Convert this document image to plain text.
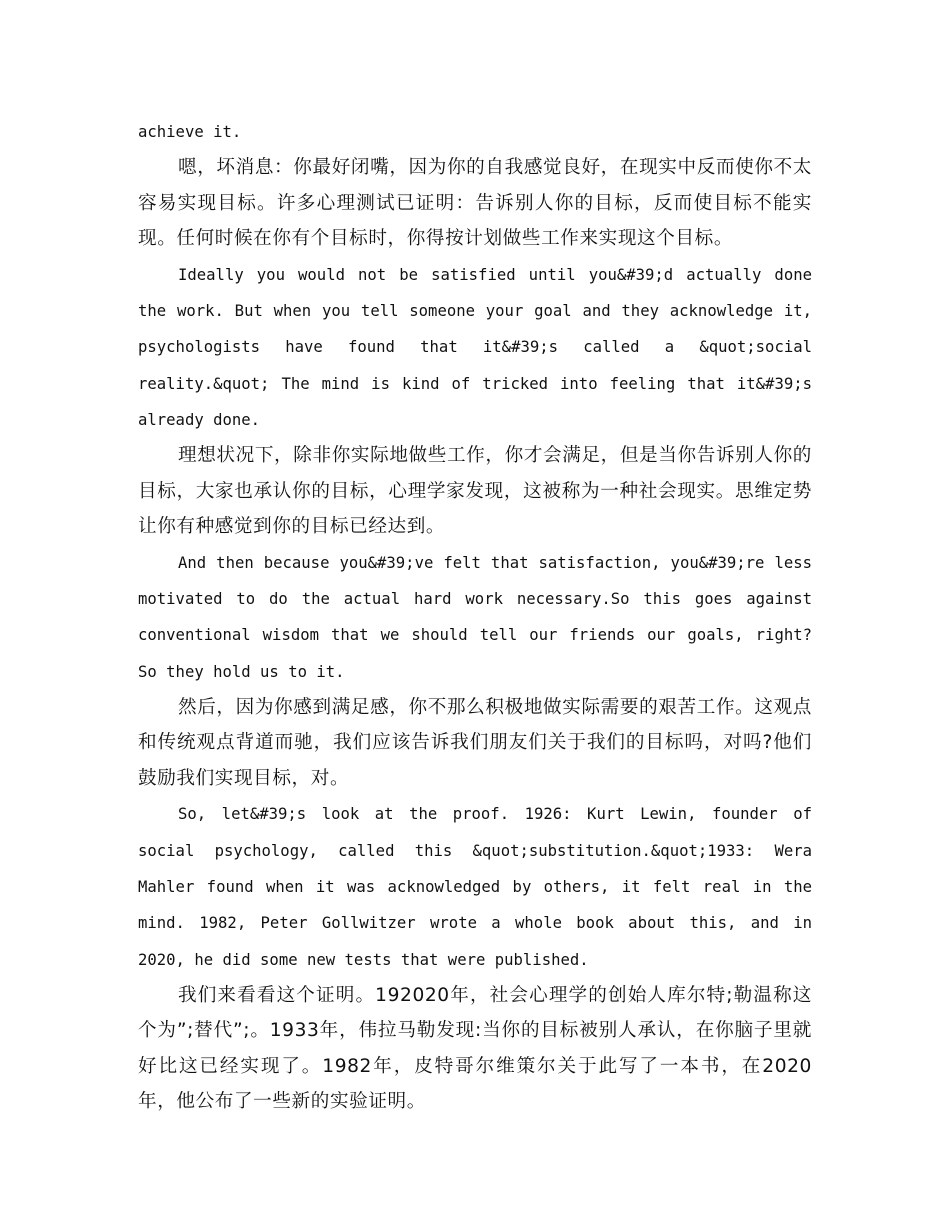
achieve it.

嗯，坏消息：你最好闭嘴，因为你的自我感觉良好，在现实中反而使你不太容易实现目标。许多心理测试已证明：告诉别人你的目标，反而使目标不能实现。任何时候在你有个目标时，你得按计划做些工作来实现这个目标。

Ideally you would not be satisfied until you&#39;d actually done the work. But when you tell someone your goal and they acknowledge it, psychologists have found that it&#39;s called a &quot;social reality.&quot; The mind is kind of tricked into feeling that it&#39;s already done.

理想状况下，除非你实际地做些工作，你才会满足，但是当你告诉别人你的目标，大家也承认你的目标，心理学家发现，这被称为一种社会现实。思维定势让你有种感觉到你的目标已经达到。

And then because you&#39;ve felt that satisfaction, you&#39;re less motivated to do the actual hard work necessary.So this goes against conventional wisdom that we should tell our friends our goals, right? So they hold us to it.

然后，因为你感到满足感，你不那么积极地做实际需要的艰苦工作。这观点和传统观点背道而驰，我们应该告诉我们朋友们关于我们的目标吗，对吗?他们鼓励我们实现目标，对。

So, let&#39;s look at the proof. 1926: Kurt Lewin, founder of social psychology, called this &quot;substitution.&quot;1933: Wera Mahler found when it was acknowledged by others, it felt real in the mind. 1982, Peter Gollwitzer wrote a whole book about this, and in 2020, he did some new tests that were published.

我们来看看这个证明。192020年，社会心理学的创始人库尔特;勒温称这个为”;替代”;。1933年，伟拉马勒发现:当你的目标被别人承认，在你脑子里就好比这已经实现了。1982年，皮特哥尔维策尔关于此写了一本书，在2020年，他公布了一些新的实验证明。
